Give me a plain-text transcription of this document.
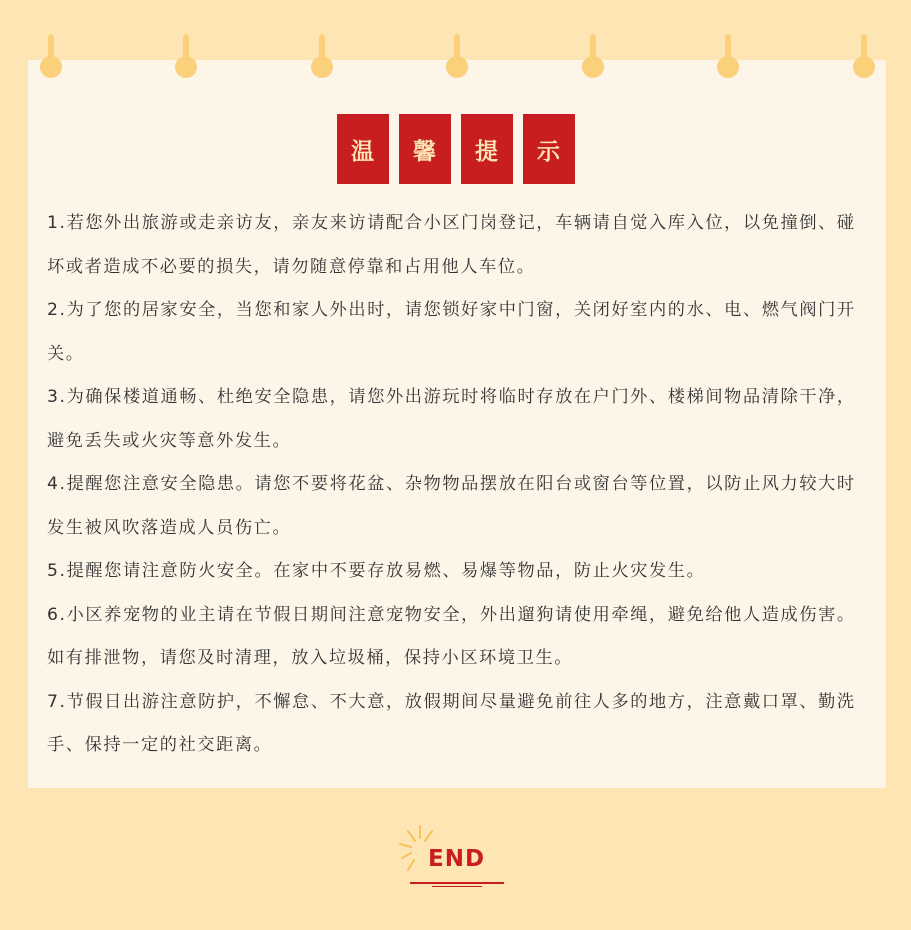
温	馨	提	示

1.若您外出旅游或走亲访友，亲友来访请配合小区门岗登记，车辆请自觉入库入位，以免撞倒、碰坏或者造成不必要的损失，请勿随意停靠和占用他人车位。

2.为了您的居家安全，当您和家人外出时，请您锁好家中门窗，关闭好室内的水、电、燃气阀门开关。

3.为确保楼道通畅、杜绝安全隐患，请您外出游玩时将临时存放在户门外、楼梯间物品清除干净，避免丢失或火灾等意外发生。

4.提醒您注意安全隐患。请您不要将花盆、杂物物品摆放在阳台或窗台等位置，以防止风力较大时发生被风吹落造成人员伤亡。

5.提醒您请注意防火安全。在家中不要存放易燃、易爆等物品，防止火灾发生。

6.小区养宠物的业主请在节假日期间注意宠物安全，外出遛狗请使用牵绳，避免给他人造成伤害。如有排泄物，请您及时清理，放入垃圾桶，保持小区环境卫生。

7.节假日出游注意防护，不懈怠、不大意，放假期间尽量避免前往人多的地方，注意戴口罩、勤洗手、保持一定的社交距离。

END
